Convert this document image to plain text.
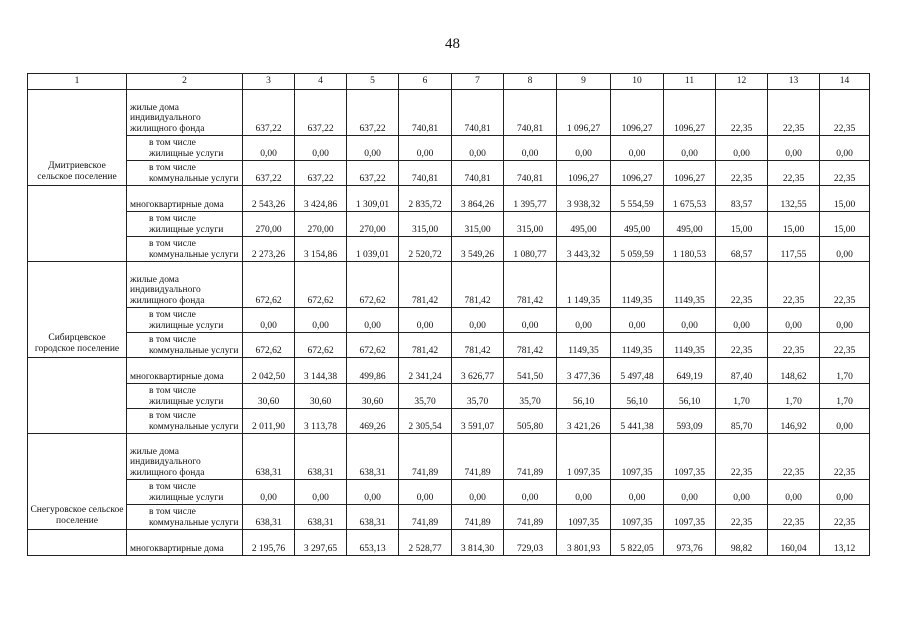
48
1	2	3	4	5	6	7	8	9	10	11	12	13	14
Дмитриевское сельское поселение	жилые дома индивидуального жилищного фонда	637,22	637,22	637,22	740,81	740,81	740,81	1 096,27	1096,27	1096,27	22,35	22,35	22,35
	в том числе жилищные услуги	0,00	0,00	0,00	0,00	0,00	0,00	0,00	0,00	0,00	0,00	0,00	0,00
	в том числе коммунальные услуги	637,22	637,22	637,22	740,81	740,81	740,81	1096,27	1096,27	1096,27	22,35	22,35	22,35
	многоквартирные дома	2 543,26	3 424,86	1 309,01	2 835,72	3 864,26	1 395,77	3 938,32	5 554,59	1 675,53	83,57	132,55	15,00
	в том числе жилищные услуги	270,00	270,00	270,00	315,00	315,00	315,00	495,00	495,00	495,00	15,00	15,00	15,00
	в том числе коммунальные услуги	2 273,26	3 154,86	1 039,01	2 520,72	3 549,26	1 080,77	3 443,32	5 059,59	1 180,53	68,57	117,55	0,00
Сибирцевское городское поселение	жилые дома индивидуального жилищного фонда	672,62	672,62	672,62	781,42	781,42	781,42	1 149,35	1149,35	1149,35	22,35	22,35	22,35
	в том числе жилищные услуги	0,00	0,00	0,00	0,00	0,00	0,00	0,00	0,00	0,00	0,00	0,00	0,00
	в том числе коммунальные услуги	672,62	672,62	672,62	781,42	781,42	781,42	1149,35	1149,35	1149,35	22,35	22,35	22,35
	многоквартирные дома	2 042,50	3 144,38	499,86	2 341,24	3 626,77	541,50	3 477,36	5 497,48	649,19	87,40	148,62	1,70
	в том числе жилищные услуги	30,60	30,60	30,60	35,70	35,70	35,70	56,10	56,10	56,10	1,70	1,70	1,70
	в том числе коммунальные услуги	2 011,90	3 113,78	469,26	2 305,54	3 591,07	505,80	3 421,26	5 441,38	593,09	85,70	146,92	0,00
Снегуровское сельское поселение	жилые дома индивидуального жилищного фонда	638,31	638,31	638,31	741,89	741,89	741,89	1 097,35	1097,35	1097,35	22,35	22,35	22,35
	в том числе жилищные услуги	0,00	0,00	0,00	0,00	0,00	0,00	0,00	0,00	0,00	0,00	0,00	0,00
	в том числе коммунальные услуги	638,31	638,31	638,31	741,89	741,89	741,89	1097,35	1097,35	1097,35	22,35	22,35	22,35
	многоквартирные дома	2 195,76	3 297,65	653,13	2 528,77	3 814,30	729,03	3 801,93	5 822,05	973,76	98,82	160,04	13,12
